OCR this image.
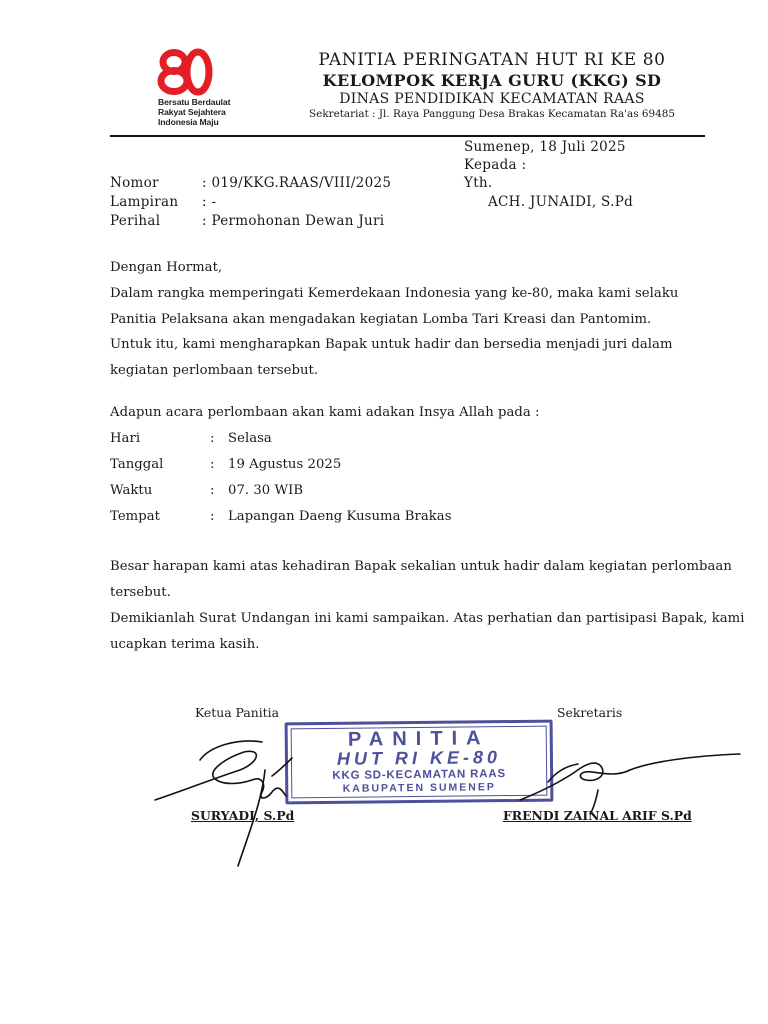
Bersatu Berdaulat
Rakyat Sejahtera
Indonesia Maju
PANITIA PERINGATAN HUT RI KE 80
KELOMPOK KERJA GURU (KKG) SD
DINAS PENDIDIKAN KECAMATAN RAAS
Sekretariat : Jl. Raya Panggung Desa Brakas Kecamatan Ra'as 69485
Sumenep, 18 Juli 2025
Kepada :
Yth.
ACH. JUNAIDI, S.Pd
Nomor	: 019/KKG.RAAS/VIII/2025
Lampiran : -
Perihal	: Permohonan Dewan Juri
Dengan Hormat,
Dalam rangka memperingati Kemerdekaan Indonesia yang ke-80, maka kami selaku
Panitia Pelaksana akan mengadakan kegiatan Lomba Tari Kreasi dan Pantomim.
Untuk itu, kami mengharapkan Bapak untuk hadir dan bersedia menjadi juri dalam
kegiatan perlombaan tersebut.
Adapun acara perlombaan akan kami adakan Insya Allah pada :
Hari	: Selasa
Tanggal	: 19 Agustus 2025
Waktu	: 07. 30 WIB
Tempat	: Lapangan Daeng Kusuma Brakas
Besar harapan kami atas kehadiran Bapak sekalian untuk hadir dalam kegiatan perlombaan
tersebut.
Demikianlah Surat Undangan ini kami sampaikan. Atas perhatian dan partisipasi Bapak, kami
ucapkan terima kasih.
Ketua Panitia	Sekretaris
PANITIA
HUT RI KE-80
KKG SD-KECAMATAN RAAS
KABUPATEN SUMENEP
SURYADI, S.Pd	FRENDI ZAINAL ARIF S.Pd
